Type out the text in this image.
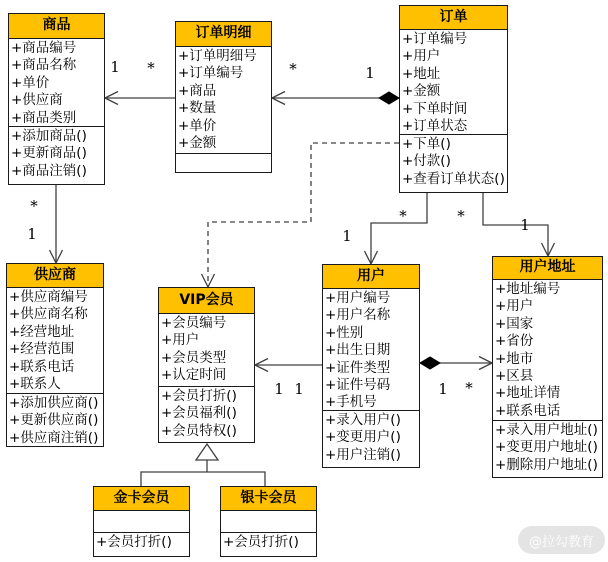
商品
+商品编号
+商品名称
+单价
+供应商
+商品类别
+添加商品()
+更新商品()
+商品注销()
订单明细
+订单明细号
+订单编号
+商品
+数量
+单价
+金额
订单
+订单编号
+用户
+地址
+金额
+下单时间
+订单状态
+下单()
+付款()
+查看订单状态()
供应商
+供应商编号
+供应商名称
+经营地址
+经营范围
+联系电话
+联系人
+添加供应商()
+更新供应商()
+供应商注销()
VIP会员
+会员编号
+用户
+会员类型
+认定时间
+会员打折()
+会员福利()
+会员特权()
用户
+用户编号
+用户名称
+性别
+出生日期
+证件类型
+证件号码
+手机号
+录入用户()
+变更用户()
+用户注销()
用户地址
+地址编号
+用户
+国家
+省份
+地市
+区县
+地址详情
+联系电话
+录入用户地址()
+变更用户地址()
+删除用户地址()
金卡会员
+会员打折()
银卡会员
+会员打折()
1 *	*	1
*
1	1
*	*	1
1 1	1 *
@拉勾教育
